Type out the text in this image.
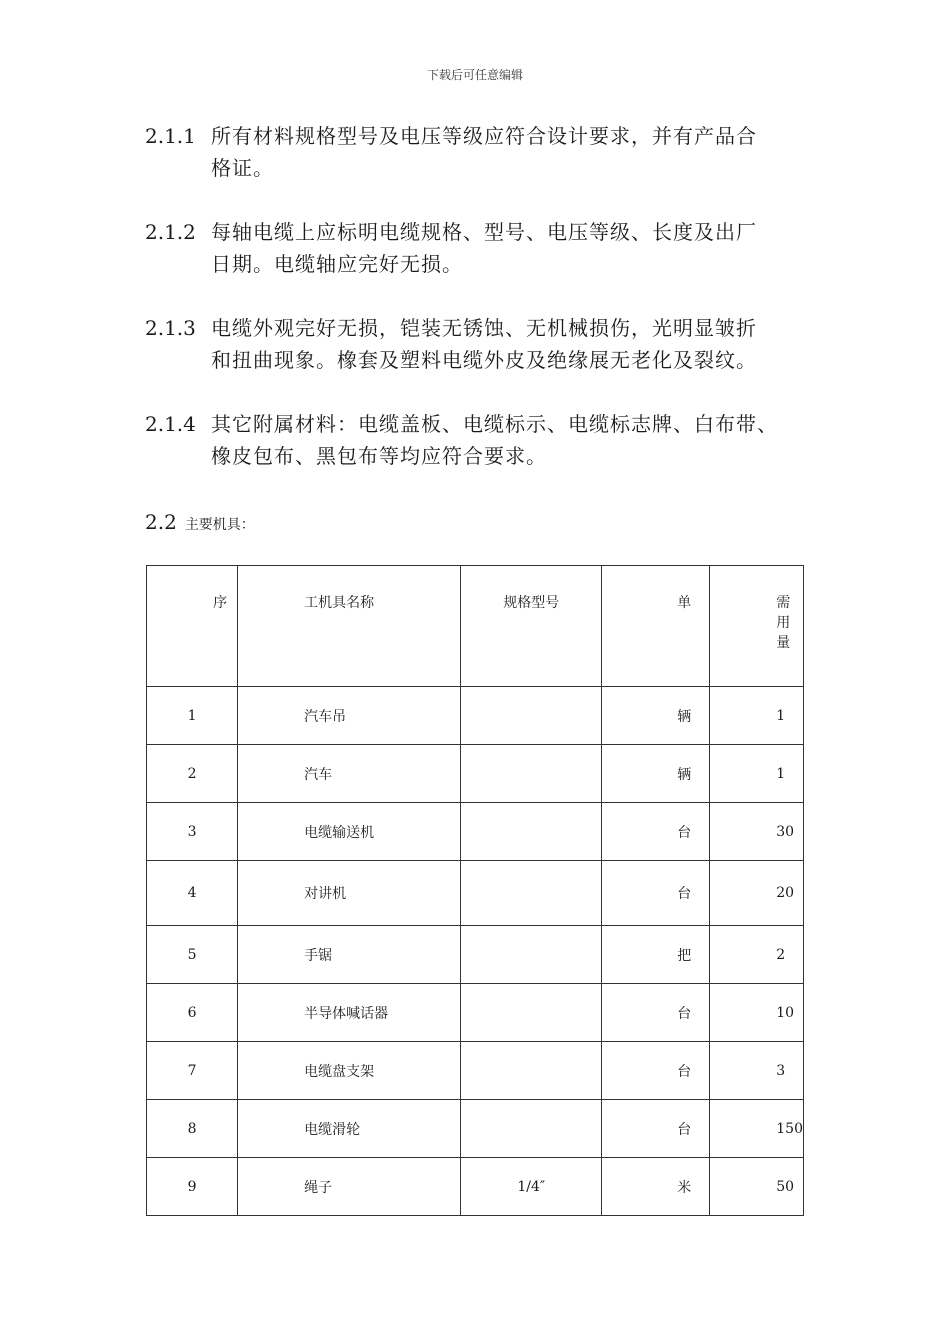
下载后可任意编辑
2.1.1 所有材料规格型号及电压等级应符合设计要求，并有产品合
格证。
2.1.2 每轴电缆上应标明电缆规格、型号、电压等级、长度及出厂
日期。电缆轴应完好无损。
2.1.3 电缆外观完好无损，铠装无锈蚀、无机械损伤，光明显皱折
和扭曲现象。橡套及塑料电缆外皮及绝缘展无老化及裂纹。
2.1.4 其它附属材料：电缆盖板、电缆标示、电缆标志牌、白布带、
橡皮包布、黑包布等均应符合要求。
2.2 主要机具：
序	工机具名称	规格型号	单	需用量
1	汽车吊		辆	1
2	汽车		辆	1
3	电缆输送机		台	30
4	对讲机		台	20
5	手锯		把	2
6	半导体喊话器		台	10
7	电缆盘支架		台	3
8	电缆滑轮		台	150
9	绳子	1/4″	米	50
